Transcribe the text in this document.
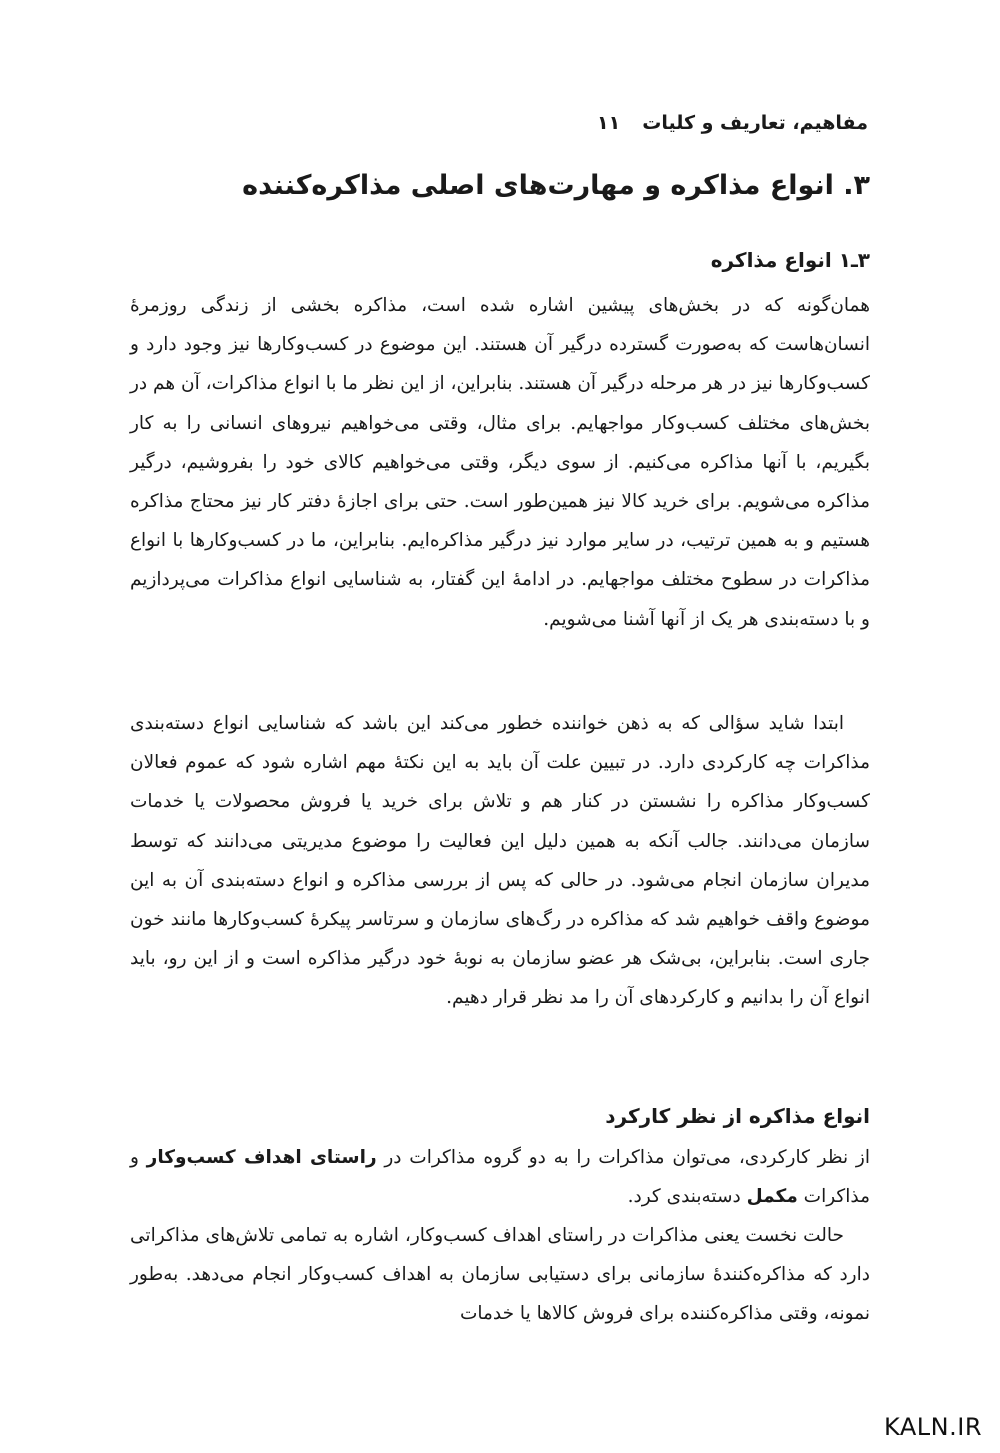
مفاهیم، تعاریف و کلیات۱۱
۳. انواع مذاکره و مهارت‌های اصلی مذاکره‌کننده
۳ـ۱ انواع مذاکره

همان‌گونه که در بخش‌های پیشین اشاره شده است، مذاکره بخشی از زندگی روزمرهٔ انسان‌هاست که به‌صورت گسترده درگیر آن هستند. این موضوع در کسب‌وکارها نیز وجود دارد و کسب‌وکارها نیز در هر مرحله درگیر آن هستند. بنابراین، از این نظر ما با انواع مذاکرات، آن هم در بخش‌های مختلف کسب‌وکار مواجهایم. برای مثال، وقتی می‌خواهیم نیروهای انسانی را به کار بگیریم، با آنها مذاکره می‌کنیم. از سوی دیگر، وقتی می‌خواهیم کالای خود را بفروشیم، درگیر مذاکره می‌شویم. برای خرید کالا نیز همین‌طور است. حتی برای اجازهٔ دفتر کار نیز محتاج مذاکره هستیم و به همین ترتیب، در سایر موارد نیز درگیر مذاکره‌ایم. بنابراین، ما در کسب‌وکارها با انواع مذاکرات در سطوح مختلف مواجهایم. در ادامهٔ این گفتار، به شناسایی انواع مذاکرات می‌پردازیم و با دسته‌بندی هر یک از آنها آشنا می‌شویم.

ابتدا شاید سؤالی که به ذهن خواننده خطور می‌کند این باشد که شناسایی انواع دسته‌بندی مذاکرات چه کارکردی دارد. در تبیین علت آن باید به این نکتهٔ مهم اشاره شود که عموم فعالان کسب‌وکار مذاکره را نشستن در کنار هم و تلاش برای خرید یا فروش محصولات یا خدمات سازمان می‌دانند. جالب آنکه به همین دلیل این فعالیت را موضوع مدیریتی می‌دانند که توسط مدیران سازمان انجام می‌شود. در حالی که پس از بررسی مذاکره و انواع دسته‌بندی آن به این موضوع واقف خواهیم شد که مذاکره در رگ‌های سازمان و سرتاسر پیکرهٔ کسب‌وکارها مانند خون جاری است. بنابراین، بی‌شک هر عضو سازمان به نوبهٔ خود درگیر مذاکره است و از این رو، باید انواع آن را بدانیم و کارکردهای آن را مد نظر قرار دهیم.

انواع مذاکره از نظر کارکرد

از نظر کارکردی، می‌توان مذاکرات را به دو گروه مذاکرات در راستای اهداف کسب‌وکار و مذاکرات مکمل دسته‌بندی کرد.

حالت نخست یعنی مذاکرات در راستای اهداف کسب‌وکار، اشاره به تمامی تلاش‌های مذاکراتی دارد که مذاکره‌کنندهٔ سازمانی برای دستیابی سازمان به اهداف کسب‌وکار انجام می‌دهد. به‌طور نمونه، وقتی مذاکره‌کننده برای فروش کالاها یا خدمات

KALN.IR
